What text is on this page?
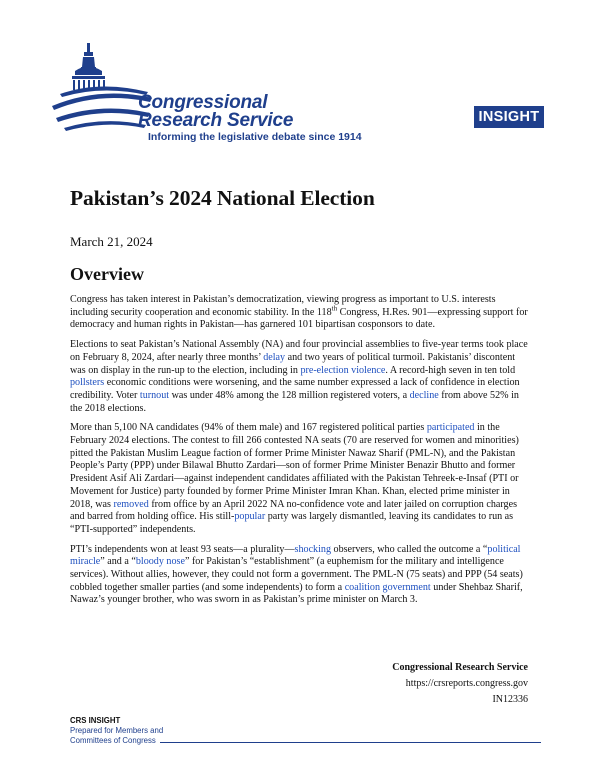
Congressional
Research Service
Informing the legislative debate since 1914
INSIGHT
Pakistan’s 2024 National Election
March 21, 2024
Overview

Congress has taken interest in Pakistan’s democratization, viewing progress as important to U.S. interests including security cooperation and economic stability. In the 118th Congress, H.Res. 901—expressing support for democracy and human rights in Pakistan—has garnered 101 bipartisan cosponsors to date.

Elections to seat Pakistan’s National Assembly (NA) and four provincial assemblies to five-year terms took place on February 8, 2024, after nearly three months’ delay and two years of political turmoil. Pakistanis’ discontent was on display in the run-up to the election, including in pre-election violence. A record-high seven in ten told pollsters economic conditions were worsening, and the same number expressed a lack of confidence in election credibility. Voter turnout was under 48% among the 128 million registered voters, a decline from above 52% in the 2018 elections.

More than 5,100 NA candidates (94% of them male) and 167 registered political parties participated in the February 2024 elections. The contest to fill 266 contested NA seats (70 are reserved for women and minorities) pitted the Pakistan Muslim League faction of former Prime Minister Nawaz Sharif (PML-N), and the Pakistan People’s Party (PPP) under Bilawal Bhutto Zardari—son of former Prime Minister Benazir Bhutto and former President Asif Ali Zardari—against independent candidates affiliated with the Pakistan Tehreek-e-Insaf (PTI or Movement for Justice) party founded by former Prime Minister Imran Khan. Khan, elected prime minister in 2018, was removed from office by an April 2022 NA no-confidence vote and later jailed on corruption charges and barred from holding office. His still-popular party was largely dismantled, leaving its candidates to run as “PTI-supported” independents.

PTI’s independents won at least 93 seats—a plurality—shocking observers, who called the outcome a “political miracle” and a “bloody nose” for Pakistan’s “establishment” (a euphemism for the military and intelligence services). Without allies, however, they could not form a government. The PML-N (75 seats) and PPP (54 seats) cobbled together smaller parties (and some independents) to form a coalition government under Shehbaz Sharif, Nawaz’s younger brother, who was sworn in as Pakistan’s prime minister on March 3.

Congressional Research Service
https://crsreports.congress.gov
IN12336
CRS INSIGHT
Prepared for Members and
Committees of Congress
